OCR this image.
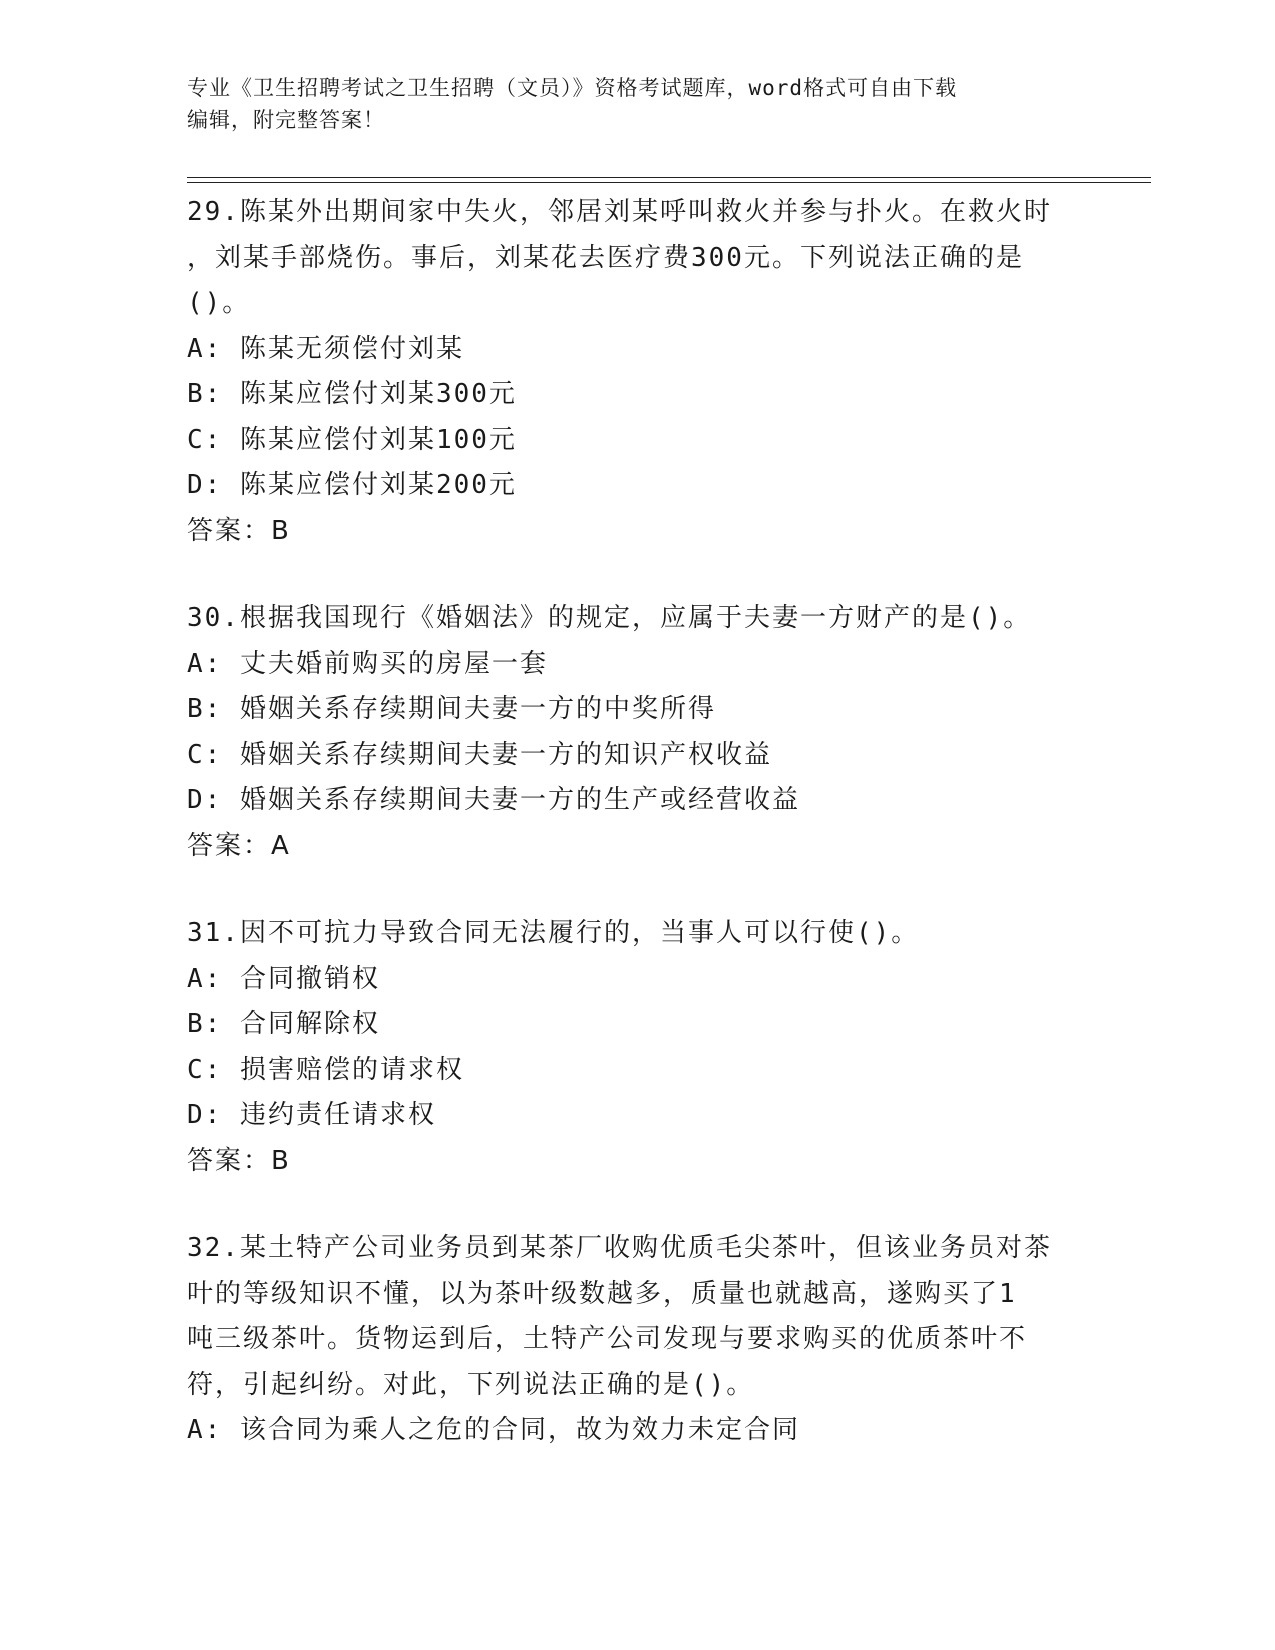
专业《卫生招聘考试之卫生招聘（文员）》资格考试题库，word格式可自由下载
编辑，附完整答案！
29.陈某外出期间家中失火，邻居刘某呼叫救火并参与扑火。在救火时
，刘某手部烧伤。事后，刘某花去医疗费300元。下列说法正确的是
()。
A: 陈某无须偿付刘某
B: 陈某应偿付刘某300元
C: 陈某应偿付刘某100元
D: 陈某应偿付刘某200元
答案：B
30.根据我国现行《婚姻法》的规定，应属于夫妻一方财产的是()。
A: 丈夫婚前购买的房屋一套
B: 婚姻关系存续期间夫妻一方的中奖所得
C: 婚姻关系存续期间夫妻一方的知识产权收益
D: 婚姻关系存续期间夫妻一方的生产或经营收益
答案：A
31.因不可抗力导致合同无法履行的，当事人可以行使()。
A: 合同撤销权
B: 合同解除权
C: 损害赔偿的请求权
D: 违约责任请求权
答案：B
32.某土特产公司业务员到某茶厂收购优质毛尖茶叶，但该业务员对茶
叶的等级知识不懂，以为茶叶级数越多，质量也就越高，遂购买了1
吨三级茶叶。货物运到后，土特产公司发现与要求购买的优质茶叶不
符，引起纠纷。对此，下列说法正确的是()。
A: 该合同为乘人之危的合同，故为效力未定合同
